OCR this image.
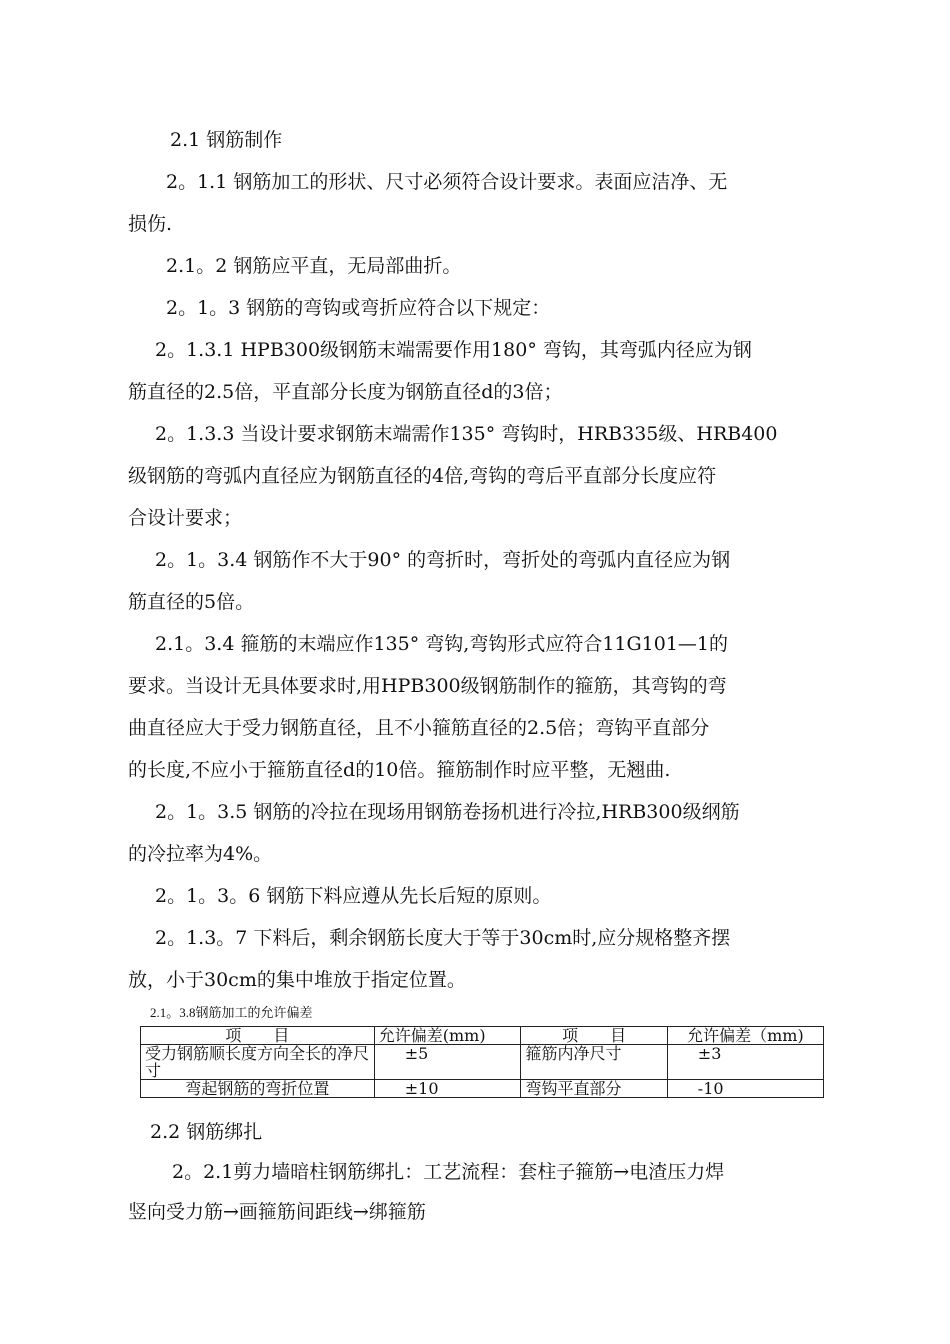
2.1 钢筋制作
2。1.1 钢筋加工的形状、尺寸必须符合设计要求。表面应洁净、无
损伤.
2.1。2 钢筋应平直，无局部曲折。
2。1。3 钢筋的弯钩或弯折应符合以下规定：
2。1.3.1 HPB300级钢筋末端需要作用180° 弯钩，其弯弧内径应为钢
筋直径的2.5倍，平直部分长度为钢筋直径d的3倍；
2。1.3.3 当设计要求钢筋末端需作135° 弯钩时，HRB335级、HRB400
级钢筋的弯弧内直径应为钢筋直径的4倍,弯钩的弯后平直部分长度应符
合设计要求；
2。1。3.4 钢筋作不大于90° 的弯折时，弯折处的弯弧内直径应为钢
筋直径的5倍。
2.1。3.4 箍筋的末端应作135° 弯钩,弯钩形式应符合11G101—1的
要求。当设计无具体要求时,用HPB300级钢筋制作的箍筋，其弯钩的弯
曲直径应大于受力钢筋直径，且不小箍筋直径的2.5倍；弯钩平直部分
的长度,不应小于箍筋直径d的10倍。箍筋制作时应平整，无翘曲.
2。1。3.5 钢筋的冷拉在现场用钢筋卷扬机进行冷拉,HRB300级纲筋
的冷拉率为4%。
2。1。3。6 钢筋下料应遵从先长后短的原则。
2。1.3。7 下料后，剩余钢筋长度大于等于30cm时,应分规格整齐摆
放，小于30cm的集中堆放于指定位置。
2.1。3.8钢筋加工的允许偏差
项　　目	允许偏差(mm)	项　　目	允许偏差（mm)
受力钢筋顺长度方向全长的净尺寸	±5	箍筋内净尺寸	±3
弯起钢筋的弯折位置	±10	弯钩平直部分	-10
2.2 钢筋绑扎
2。2.1剪力墙暗柱钢筋绑扎：工艺流程：套柱子箍筋→电渣压力焊
竖向受力筋→画箍筋间距线→绑箍筋
